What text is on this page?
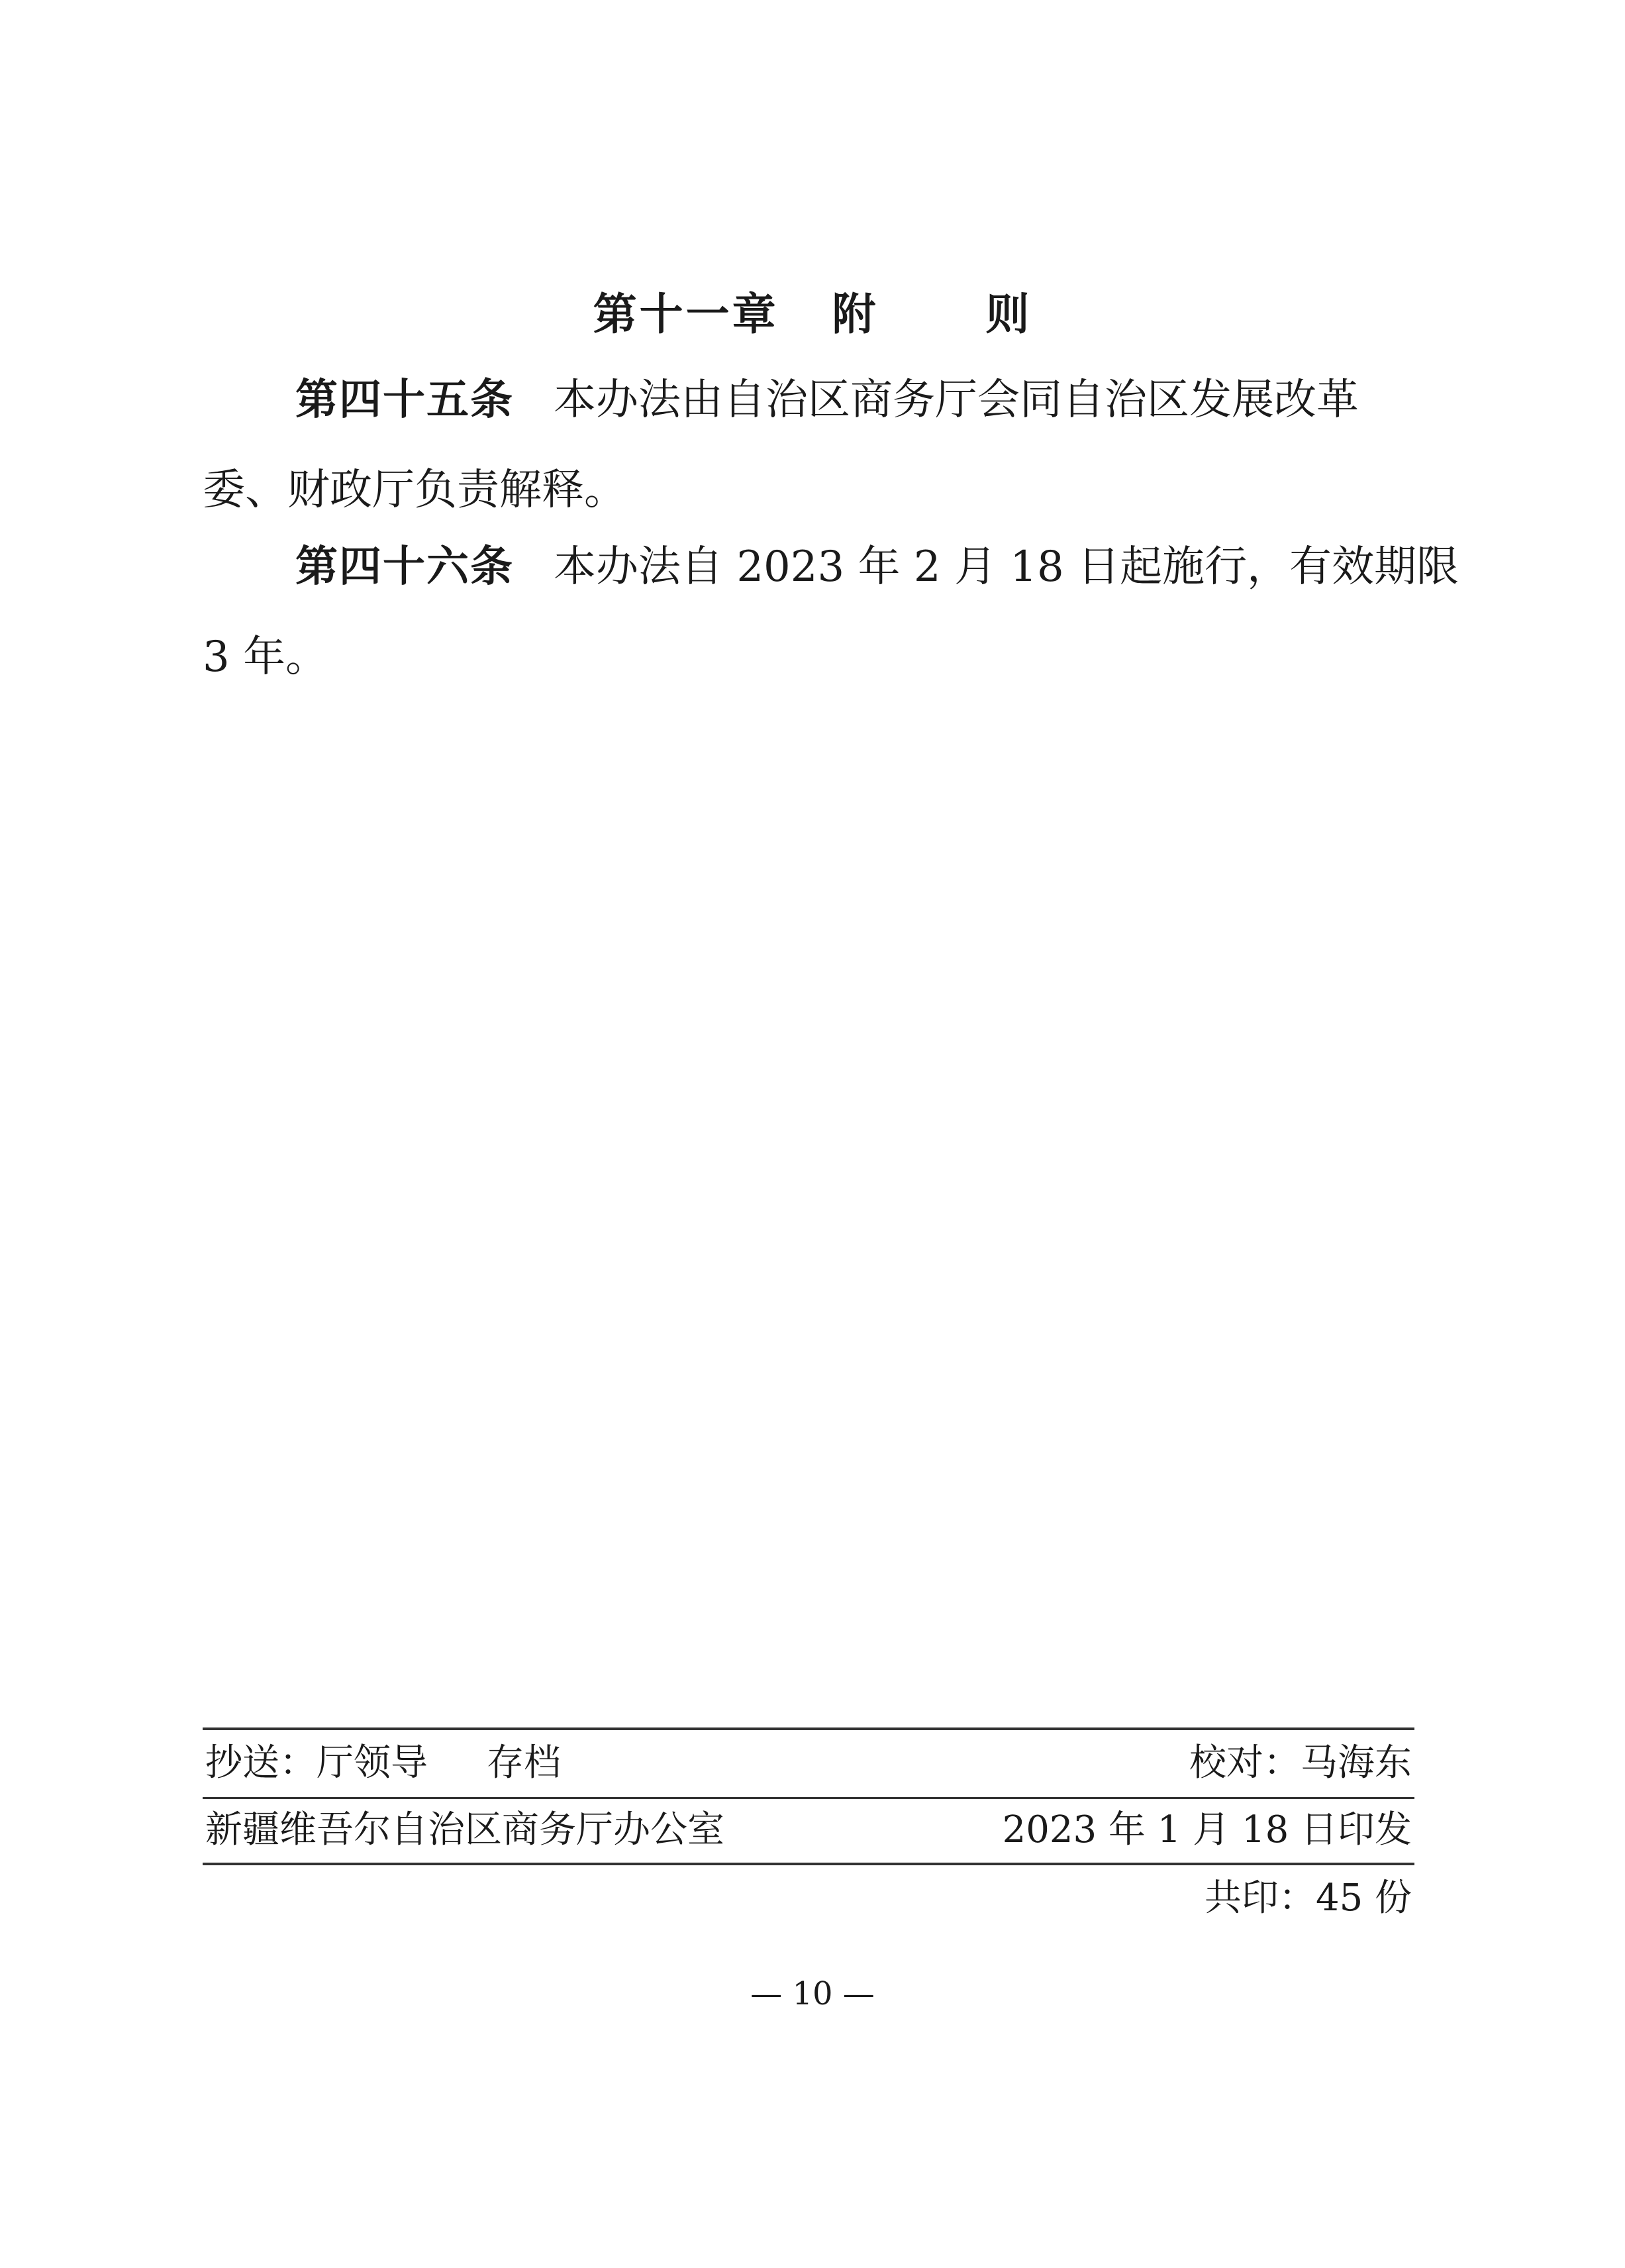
第十一章   附      则
第四十五条 本办法由自治区商务厅会同自治区发展改革
委、财政厅负责解释。
第四十六条 本办法自 2023 年 2 月 18 日起施行，有效期限
3 年。
抄送：厅领导     存档	校对：马海东
新疆维吾尔自治区商务厅办公室	2023 年 1 月 18 日印发
共印：45 份
— 10 —
